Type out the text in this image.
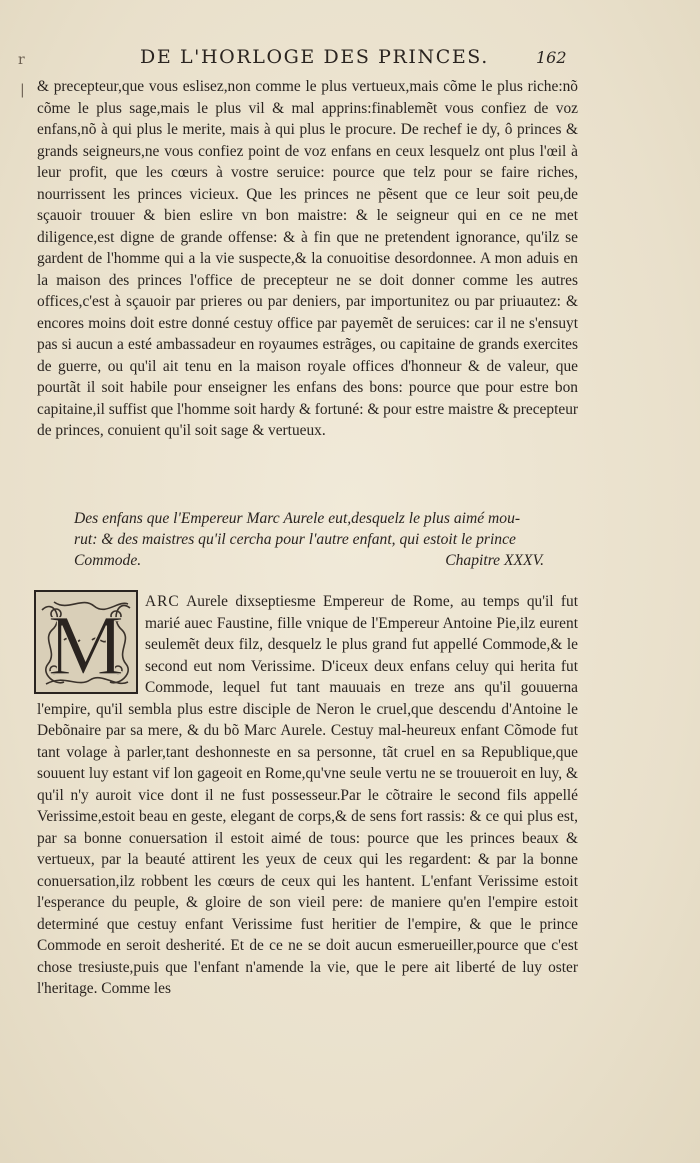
r
|
DE L'HORLOGE DES PRINCES.	162
& precepteur,que vous eslisez,non comme le plus vertueux,mais cõme le plus riche:nõ cõme le plus sage,mais le plus vil & mal apprins:finablemẽt vous confiez de voz enfans,nõ à qui plus le merite, mais à qui plus le procure. De rechef ie dy, ô princes & grands seigneurs,ne vous confiez point de voz enfans en ceux lesquelz ont plus l'œil à leur profit, que les cœurs à vostre seruice: pource que telz pour se faire riches, nourrissent les princes vicieux. Que les princes ne pẽsent que ce leur soit peu,de sçauoir trouuer & bien eslire vn bon maistre: & le seigneur qui en ce ne met diligence,est digne de grande offense: & à fin que ne pretendent ignorance, qu'ilz se gardent de l'homme qui a la vie suspecte,& la conuoitise desordonnee. A mon aduis en la maison des princes l'office de precepteur ne se doit donner comme les autres offices,c'est à sçauoir par prieres ou par deniers, par importunitez ou par priuautez: & encores moins doit estre donné cestuy office par payemẽt de seruices: car il ne s'ensuyt pas si aucun a esté ambassadeur en royaumes estrãges, ou capitaine de grands exercites de guerre, ou qu'il ait tenu en la maison royale offices d'honneur & de valeur, que pourtãt il soit habile pour enseigner les enfans des bons: pource que pour estre bon capitaine,il suffist que l'homme soit hardy & fortuné: & pour estre maistre & precepteur de princes, conuient qu'il soit sage & vertueux.
Des enfans que l'Empereur Marc Aurele eut,desquelz le plus aimé mou-
rut: & des maistres qu'il cercha pour l'autre enfant, qui estoit le prince
Commode.	Chapitre XXXV.
M	ARC Aurele dixseptiesme Empereur de Rome, au temps qu'il fut marié auec Faustine, fille vnique de l'Empereur Antoine Pie,ilz eurent seulemẽt deux filz, desquelz le plus grand fut appellé Commode,& le second eut nom Verissime. D'iceux deux enfans celuy qui herita fut Commode, lequel fut tant mauuais en treze ans qu'il gouuerna l'empire, qu'il sembla plus estre disciple de Neron le cruel,que descendu d'Antoine le Debõnaire par sa mere, & du bõ Marc Aurele. Cestuy mal-heureux enfant Cõmode fut tant volage à parler,tant deshonneste en sa personne, tãt cruel en sa Republique,que souuent luy estant vif lon gageoit en Rome,qu'vne seule vertu ne se trouueroit en luy, & qu'il n'y auroit vice dont il ne fust possesseur.Par le cõtraire le second fils appellé Verissime,estoit beau en geste, elegant de corps,& de sens fort rassis: & ce qui plus est, par sa bonne conuersation il estoit aimé de tous: pource que les princes beaux & vertueux, par la beauté attirent les yeux de ceux qui les regardent: & par la bonne conuersation,ilz robbent les cœurs de ceux qui les hantent. L'enfant Verissime estoit l'esperance du peuple, & gloire de son vieil pere: de maniere qu'en l'empire estoit determiné que cestuy enfant Verissime fust heritier de l'empire, & que le prince Commode en seroit desherité. Et de ce ne se doit aucun esmerueiller,pource que c'est chose tresiuste,puis que l'enfant n'amende la vie, que le pere ait liberté de luy oster l'heritage. Comme les
